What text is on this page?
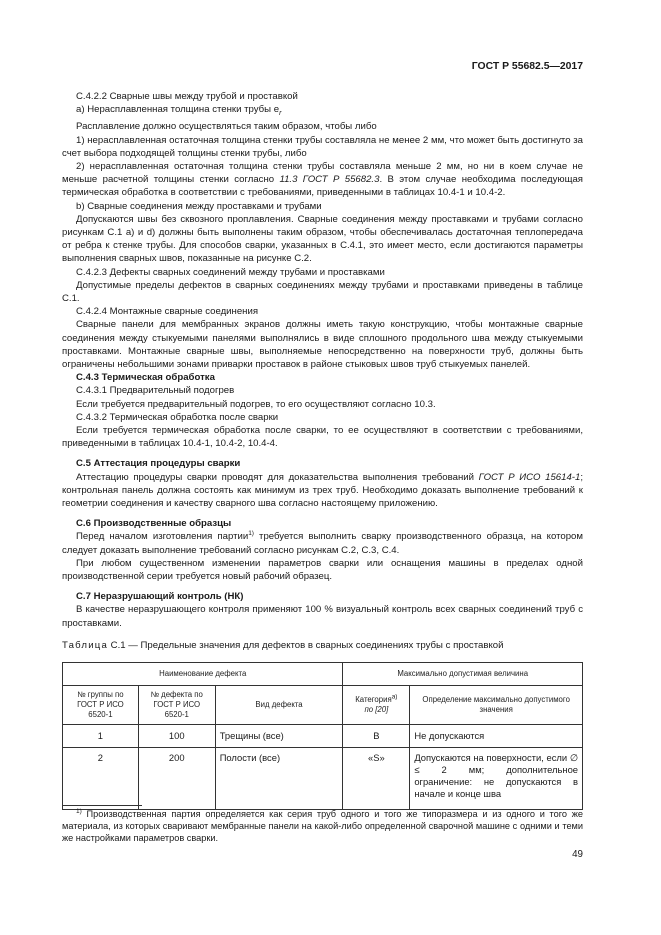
ГОСТ Р 55682.5—2017

С.4.2.2 Сварные швы между трубой и проставкой

а) Нерасплавленная толщина стенки трубы $e_r$

Расплавление должно осуществляться таким образом, чтобы либо

1) нерасплавленная остаточная толщина стенки трубы составляла не менее 2 мм, что может быть достигнуто за счет выбора подходящей толщины стенки трубы, либо

2) нерасплавленная остаточная толщина стенки трубы составляла меньше 2 мм, но ни в коем случае не меньше расчетной толщины стенки согласно 11.3 ГОСТ Р 55682.3. В этом случае необходима последующая термическая обработка в соответствии с требованиями, приведенными в таблицах 10.4-1 и 10.4-2.

b) Сварные соединения между проставками и трубами

Допускаются швы без сквозного проплавления. Сварные соединения между проставками и трубами согласно рисункам С.1 а) и d) должны быть выполнены таким образом, чтобы обеспечивалась достаточная теплопередача от ребра к стенке трубы. Для способов сварки, указанных в С.4.1, это имеет место, если достигаются параметры выполнения сварных швов, показанные на рисунке С.2.

С.4.2.3 Дефекты сварных соединений между трубами и проставками

Допустимые пределы дефектов в сварных соединениях между трубами и проставками приведены в таблице С.1.

С.4.2.4 Монтажные сварные соединения

Сварные панели для мембранных экранов должны иметь такую конструкцию, чтобы монтажные сварные соединения между стыкуемыми панелями выполнялись в виде сплошного продольного шва между стыкуемыми проставками. Монтажные сварные швы, выполняемые непосредственно на поверхности труб, должны быть ограничены небольшими зонами приварки проставок в районе стыковых швов труб стыкуемых панелей.

С.4.3 Термическая обработка

С.4.3.1 Предварительный подогрев

Если требуется предварительный подогрев, то его осуществляют согласно 10.3.

С.4.3.2 Термическая обработка после сварки

Если требуется термическая обработка после сварки, то ее осуществляют в соответствии с требованиями, приведенными в таблицах 10.4-1, 10.4-2, 10.4-4.

С.5 Аттестация процедуры сварки

Аттестацию процедуры сварки проводят для доказательства выполнения требований ГОСТ Р ИСО 15614-1; контрольная панель должна состоять как минимум из трех труб. Необходимо доказать выполнение требований к геометрии соединения и качеству сварного шва согласно настоящему приложению.

С.6 Производственные образцы

Перед началом изготовления партии$^{1)}$ требуется выполнить сварку производственного образца, на котором следует доказать выполнение требований согласно рисункам С.2, С.3, С.4.

При любом существенном изменении параметров сварки или оснащения машины в пределах одной производственной серии требуется новый рабочий образец.

С.7 Неразрушающий контроль (НК)

В качестве неразрушающего контроля применяют 100 % визуальный контроль всех сварных соединений труб с проставками.

Таблица С.1 — Предельные значения для дефектов в сварных соединениях трубы с проставкой

Наименование дефекта			Максимально допустимая величина	
№ группы по ГОСТ Р ИСО 6520-1	№ дефекта по ГОСТ Р ИСО 6520-1	Вид дефекта	Категория$^{а)}$
по [20]	Определение максимально допустимого значения
1	100	Трещины (все)	B	Не допускаются
2	200	Полости (все)	«S»	Допускаются на поверхности, если ∅ ≤ 2 мм; дополнительное ограничение: не допускаются в начале и конце шва

$^{1)}$ Производственная партия определяется как серия труб одного и того же типоразмера и из одного и того же материала, из которых сваривают мембранные панели на какой-либо определенной сварочной машине с одними и теми же настройками параметров сварки.

49
